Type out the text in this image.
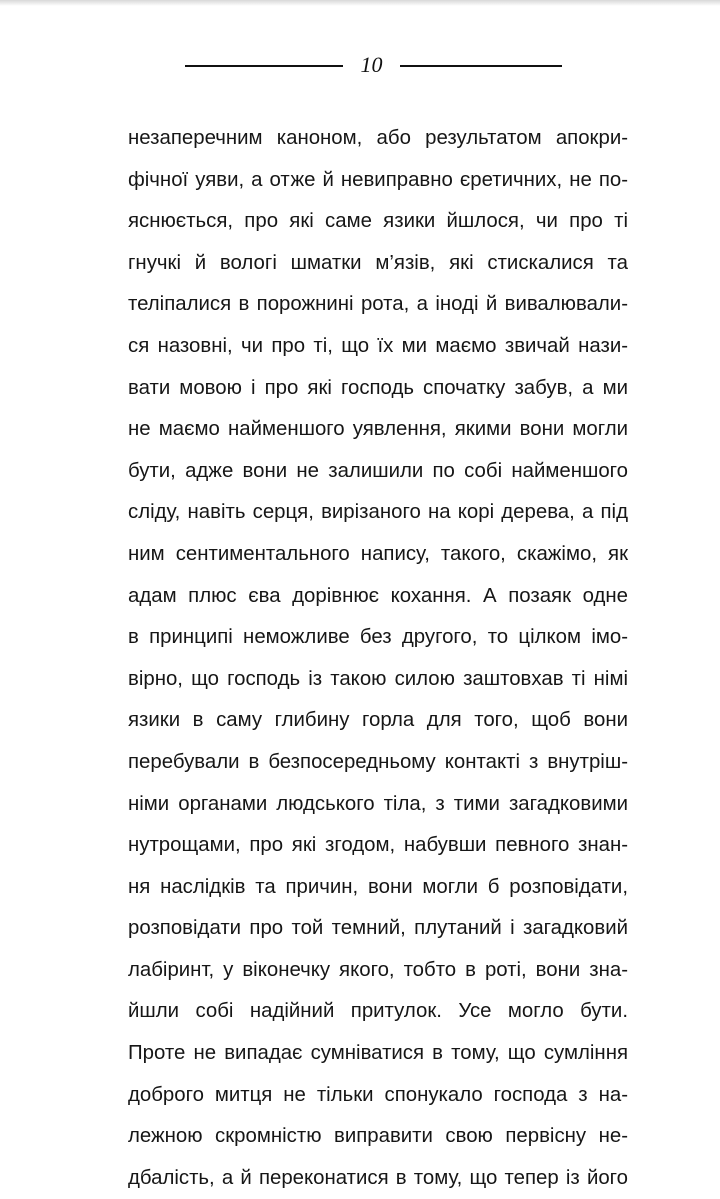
10
незаперечним каноном, або результатом апокри-
фічної уяви, а отже й невиправно єретичних, не по-
яснюється, про які саме язики йшлося, чи про ті
гнучкі й вологі шматки м’язів, які стискалися та
теліпалися в порожнині рота, а іноді й вивалювали-
ся назовні, чи про ті, що їх ми маємо звичай нази-
вати мовою і про які господь спочатку забув, а ми
не маємо найменшого уявлення, якими вони могли
бути, адже вони не залишили по собі найменшого
сліду, навіть серця, вирізаного на корі дерева, а під
ним сентиментального напису, такого, скажімо, як
адам плюс єва дорівнює кохання. А позаяк одне
в принципі неможливе без другого, то цілком імо-
вірно, що господь із такою силою заштовхав ті німі
язики в саму глибину горла для того, щоб вони
перебували в безпосередньому контакті з внутріш-
німи органами людського тіла, з тими загадковими
нутрощами, про які згодом, набувши певного знан-
ня наслідків та причин, вони могли б розповідати,
розповідати про той темний, плутаний і загадковий
лабіринт, у віконечку якого, тобто в роті, вони зна-
йшли собі надійний притулок. Усе могло бути.
Проте не випадає сумніватися в тому, що сумління
доброго митця не тільки спонукало господа з на-
лежною скромністю виправити свою первісну не-
дбалість, а й переконатися в тому, що тепер із його
